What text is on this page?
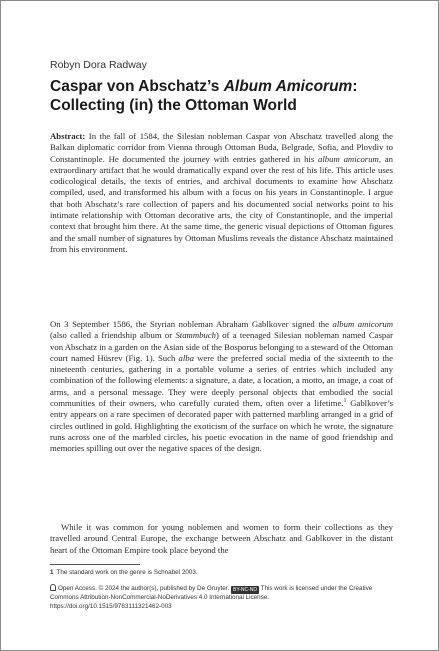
Robyn Dora Radway
Caspar von Abschatz’s Album Amicorum:
Collecting (in) the Ottoman World

Abstract: In the fall of 1584, the Silesian nobleman Caspar von Abschatz travelled along the Balkan diplomatic corridor from Vienna through Ottoman Buda, Belgrade, Sofia, and Plovdiv to Constantinople. He documented the journey with entries gathered in his album amicorum, an extraordinary artifact that he would dramatically expand over the rest of his life. This article uses codicological details, the texts of entries, and archival documents to examine how Abschatz compiled, used, and transformed his album with a focus on his years in Constantinople. I argue that both Abschatz’s rare collection of papers and his documented social networks point to his intimate relationship with Ottoman decorative arts, the city of Constantinople, and the imperial context that brought him there. At the same time, the generic visual depictions of Ottoman figures and the small number of signatures by Ottoman Muslims reveals the distance Abschatz maintained from his environment.

On 3 September 1586, the Styrian nobleman Abraham Gablkover signed the album amicorum (also called a friendship album or Stammbuch) of a teenaged Silesian nobleman named Caspar von Abschatz in a garden on the Asian side of the Bosporus belonging to a steward of the Ottoman court named Hüsrev (Fig. 1). Such alba were the preferred social media of the sixteenth to the nineteenth centuries, gathering in a portable volume a series of entries which included any combination of the following elements: a signature, a date, a location, a motto, an image, a coat of arms, and a personal message. They were deeply personal objects that embodied the social communities of their owners, who carefully curated them, often over a lifetime.$^1$ Gablkover’s entry appears on a rare specimen of decorated paper with patterned marbling arranged in a grid of circles outlined in gold. Highlighting the exoticism of the surface on which he wrote, the signature runs across one of the marbled circles, his poetic evocation in the name of good friendship and memories spilling out over the negative spaces of the design.

While it was common for young noblemen and women to form their collections as they travelled around Central Europe, the exchange between Abschatz and Gablkover in the distant heart of the Ottoman Empire took place beyond the

1 The standard work on the genre is Schnabel 2003.
Open Access. © 2024 the author(s), published by De Gruyter. BY-NC-ND This work is licensed under the Creative Commons Attribution-NonCommercial-NoDerivatives 4.0 International License.
https://doi.org/10.1515/9783111321462-003
